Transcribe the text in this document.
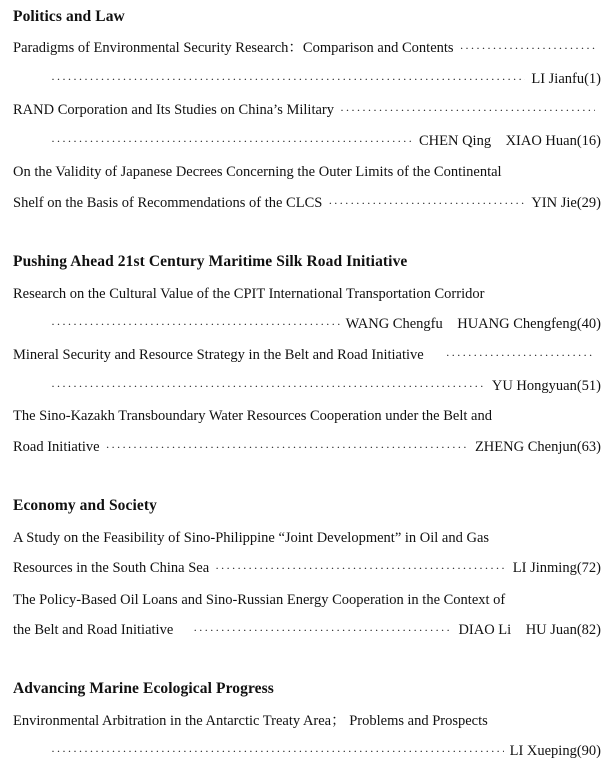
Politics and Law
Paradigms of Environmental Security Research：Comparison and Contents
·····
·····
LI Jianfu(1)
RAND Corporation and Its Studies on China’s Military
·····
·····
CHEN Qing    XIAO Huan(16)
On the Validity of Japanese Decrees Concerning the Outer Limits of the Continental
Shelf on the Basis of Recommendations of the CLCS ·····	YIN Jie(29)
Pushing Ahead 21st Century Maritime Silk Road Initiative
Research on the Cultural Value of the CPIT International Transportation Corridor
·····
WANG Chengfu    HUANG Chengfeng(40)
Mineral Security and Resource Strategy in the Belt and Road Initiative
·····
·····
YU Hongyuan(51)
The Sino-Kazakh Transboundary Water Resources Cooperation under the Belt and
Road Initiative ·····	ZHENG Chenjun(63)
Economy and Society
A Study on the Feasibility of Sino-Philippine “Joint Development” in Oil and Gas
Resources in the South China Sea ·····	LI Jinming(72)
The Policy-Based Oil Loans and Sino-Russian Energy Cooperation in the Context of
the Belt and Road Initiative ·····	DIAO Li    HU Juan(82)
Advancing Marine Ecological Progress
Environmental Arbitration in the Antarctic Treaty Area； Problems and Prospects
·····
LI Xueping(90)
